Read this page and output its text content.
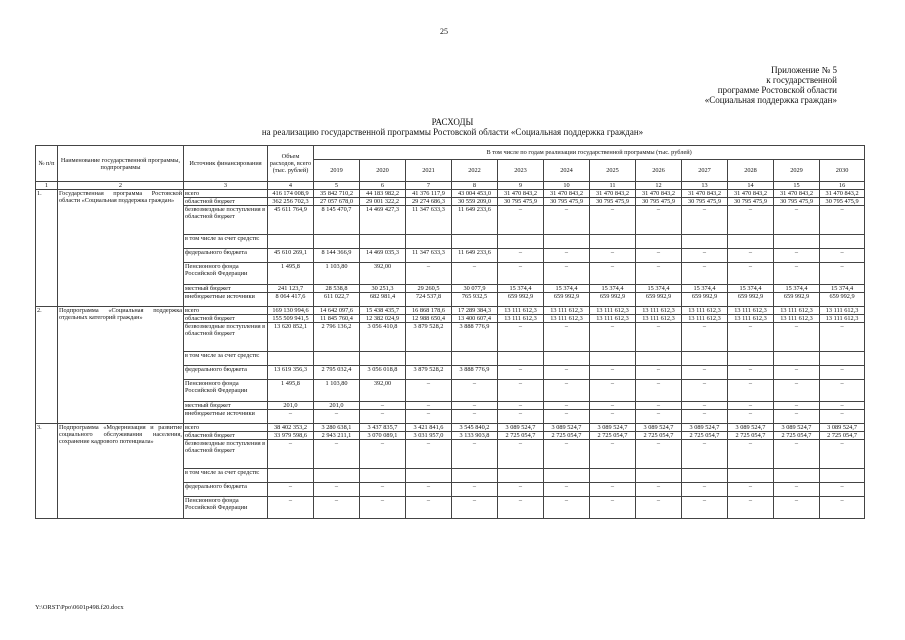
25
Приложение № 5
к государственной
программе Ростовской области
«Социальная поддержка граждан»
РАСХОДЫ
на реализацию государственной программы Ростовской области «Социальная поддержка граждан»
№ п/п	Наименование государственной программы, подпрограммы	Источник финансирования	Объем расходов, всего (тыс. рублей)	В том числе по годам реализации государственной программы (тыс. рублей)											
				2019	2020	2021	2022	2023	2024	2025	2026	2027	2028	2029	2030
1	2	3	4	5	6	7	8	9	10	11	12	13	14	15	16
1.	Государственная программа Ростовской области «Социальная поддержка граждан»	всего	416 174 008,9	35 842 710,2	44 183 982,2	41 376 117,9	43 004 453,0	31 470 843,2	31 470 843,2	31 470 843,2	31 470 843,2	31 470 843,2	31 470 843,2	31 470 843,2	31 470 843,2
		областной бюджет	362 256 702,3	27 057 678,0	29 001 322,2	29 274 686,3	30 559 209,0	30 795 475,9	30 795 475,9	30 795 475,9	30 795 475,9	30 795 475,9	30 795 475,9	30 795 475,9	30 795 475,9
		безвозмездные поступления в областной бюджет	45 611 764,9	8 145 470,7	14 469 427,3	11 347 633,3	11 649 233,6	–	–	–	–	–	–	–	–
		в том числе за счет средств:													
		федерального бюджета	45 610 269,1	8 144 366,9	14 469 035,3	11 347 633,3	11 649 233,6	–	–	–	–	–	–	–	–
		Пенсионного фонда Российской Федерации	1 495,8	1 103,80	392,00	–	–	–	–	–	–	–	–	–	–
		местный бюджет	241 123,7	28 538,8	30 251,3	29 260,5	30 077,9	15 374,4	15 374,4	15 374,4	15 374,4	15 374,4	15 374,4	15 374,4	15 374,4
		внебюджетные источники	8 064 417,6	611 022,7	682 981,4	724 537,8	765 932,5	659 992,9	659 992,9	659 992,9	659 992,9	659 992,9	659 992,9	659 992,9	659 992,9
2.	Подпрограмма «Социальная поддержка отдельных категорий граждан»	всего	169 130 994,6	14 642 097,6	15 438 435,7	16 868 178,6	17 289 384,3	13 111 612,3	13 111 612,3	13 111 612,3	13 111 612,3	13 111 612,3	13 111 612,3	13 111 612,3	13 111 612,3
		областной бюджет	155 509 941,5	11 845 760,4	12 382 024,9	12 988 650,4	13 400 607,4	13 111 612,3	13 111 612,3	13 111 612,3	13 111 612,3	13 111 612,3	13 111 612,3	13 111 612,3	13 111 612,3
		безвозмездные поступления в областной бюджет	13 620 852,1	2 796 136,2	3 056 410,8	3 879 528,2	3 888 776,9	–	–	–	–	–	–	–	–
		в том числе за счет средств:													
		федерального бюджета	13 619 356,3	2 795 032,4	3 056 018,8	3 879 528,2	3 888 776,9	–	–	–	–	–	–	–	–
		Пенсионного фонда Российской Федерации	1 495,8	1 103,80	392,00	–	–	–	–	–	–	–	–	–	–
		местный бюджет	201,0	201,0	–	–	–	–	–	–	–	–	–	–	–
		внебюджетные источники	–	–	–	–	–	–	–	–	–	–	–	–	–
3.	Подпрограмма «Модернизация и развитие социального обслуживания населения, сохранение кадрового потенциала»	всего	38 402 353,2	3 280 638,1	3 437 835,7	3 421 841,6	3 545 840,2	3 089 524,7	3 089 524,7	3 089 524,7	3 089 524,7	3 089 524,7	3 089 524,7	3 089 524,7	3 089 524,7
		областной бюджет	33 979 598,6	2 943 211,1	3 070 089,1	3 031 957,0	3 133 903,8	2 725 054,7	2 725 054,7	2 725 054,7	2 725 054,7	2 725 054,7	2 725 054,7	2 725 054,7	2 725 054,7
		безвозмездные поступления в областной бюджет	–	–	–	–	–	–	–	–	–	–	–	–	–
		в том числе за счет средств:													
		федерального бюджета	–	–	–	–	–	–	–	–	–	–	–	–	–
		Пенсионного фонда Российской Федерации	–	–	–	–	–	–	–	–	–	–	–	–	–
Y:\ORST\Ppo\0601p498.f20.docx
